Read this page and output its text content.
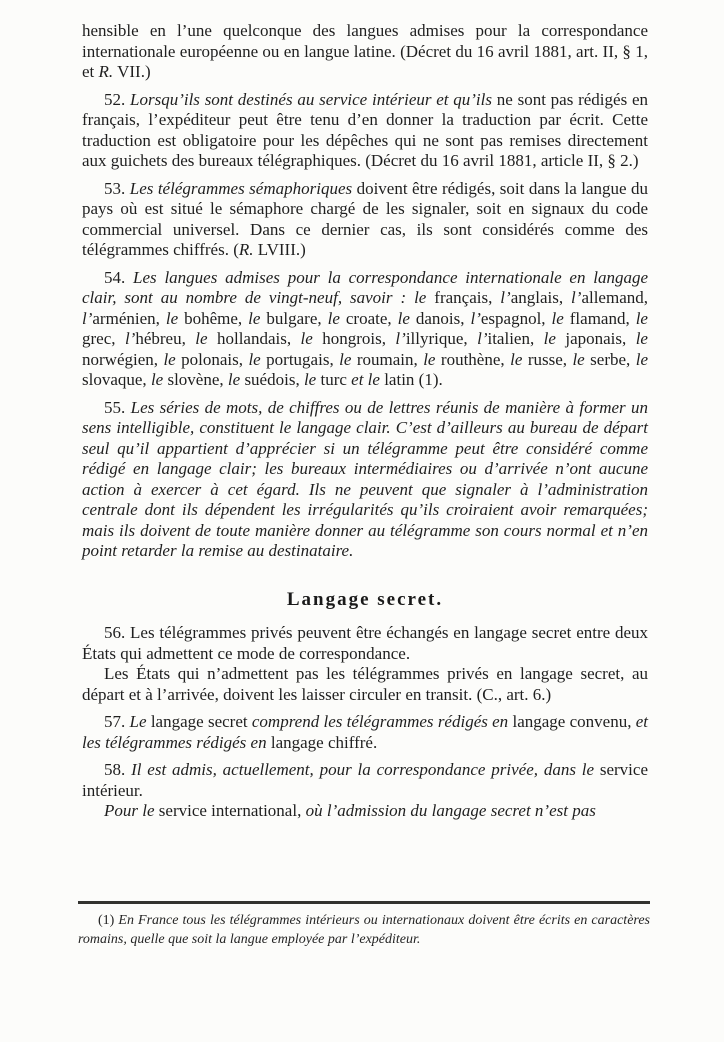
hensible en l’une quelconque des langues admises pour la correspondance internationale européenne ou en langue latine. (Décret du 16 avril 1881, art. II, § 1, et R. VII.)

52. Lorsqu’ils sont destinés au service intérieur et qu’ils ne sont pas rédigés en français, l’expéditeur peut être tenu d’en donner la traduction par écrit. Cette traduction est obligatoire pour les dépêches qui ne sont pas remises directement aux guichets des bureaux télégraphiques. (Décret du 16 avril 1881, article II, § 2.)

53. Les télégrammes sémaphoriques doivent être rédigés, soit dans la langue du pays où est situé le sémaphore chargé de les signaler, soit en signaux du code commercial universel. Dans ce dernier cas, ils sont considérés comme des télégrammes chiffrés. (R. LVIII.)

54. Les langues admises pour la correspondance internationale en langage clair, sont au nombre de vingt-neuf, savoir : le français, l’anglais, l’allemand, l’arménien, le bohême, le bulgare, le croate, le danois, l’espagnol, le flamand, le grec, l’hébreu, le hollandais, le hongrois, l’illyrique, l’italien, le japonais, le norwégien, le polonais, le portugais, le roumain, le routhène, le russe, le serbe, le slovaque, le slovène, le suédois, le turc et le latin (1).

55. Les séries de mots, de chiffres ou de lettres réunis de manière à former un sens intelligible, constituent le langage clair. C’est d’ailleurs au bureau de départ seul qu’il appartient d’apprécier si un télégramme peut être considéré comme rédigé en langage clair; les bureaux intermédiaires ou d’arrivée n’ont aucune action à exercer à cet égard. Ils ne peuvent que signaler à l’administration centrale dont ils dépendent les irrégularités qu’ils croiraient avoir remarquées; mais ils doivent de toute manière donner au télégramme son cours normal et n’en point retarder la remise au destinataire.

Langage secret.

56. Les télégrammes privés peuvent être échangés en langage secret entre deux États qui admettent ce mode de correspondance.

Les États qui n’admettent pas les télégrammes privés en langage secret, au départ et à l’arrivée, doivent les laisser circuler en transit. (C., art. 6.)

57. Le langage secret comprend les télégrammes rédigés en langage convenu, et les télégrammes rédigés en langage chiffré.

58. Il est admis, actuellement, pour la correspondance privée, dans le service intérieur.

Pour le service international, où l’admission du langage secret n’est pas

(1) En France tous les télégrammes intérieurs ou internationaux doivent être écrits en caractères romains, quelle que soit la langue employée par l’expéditeur.
